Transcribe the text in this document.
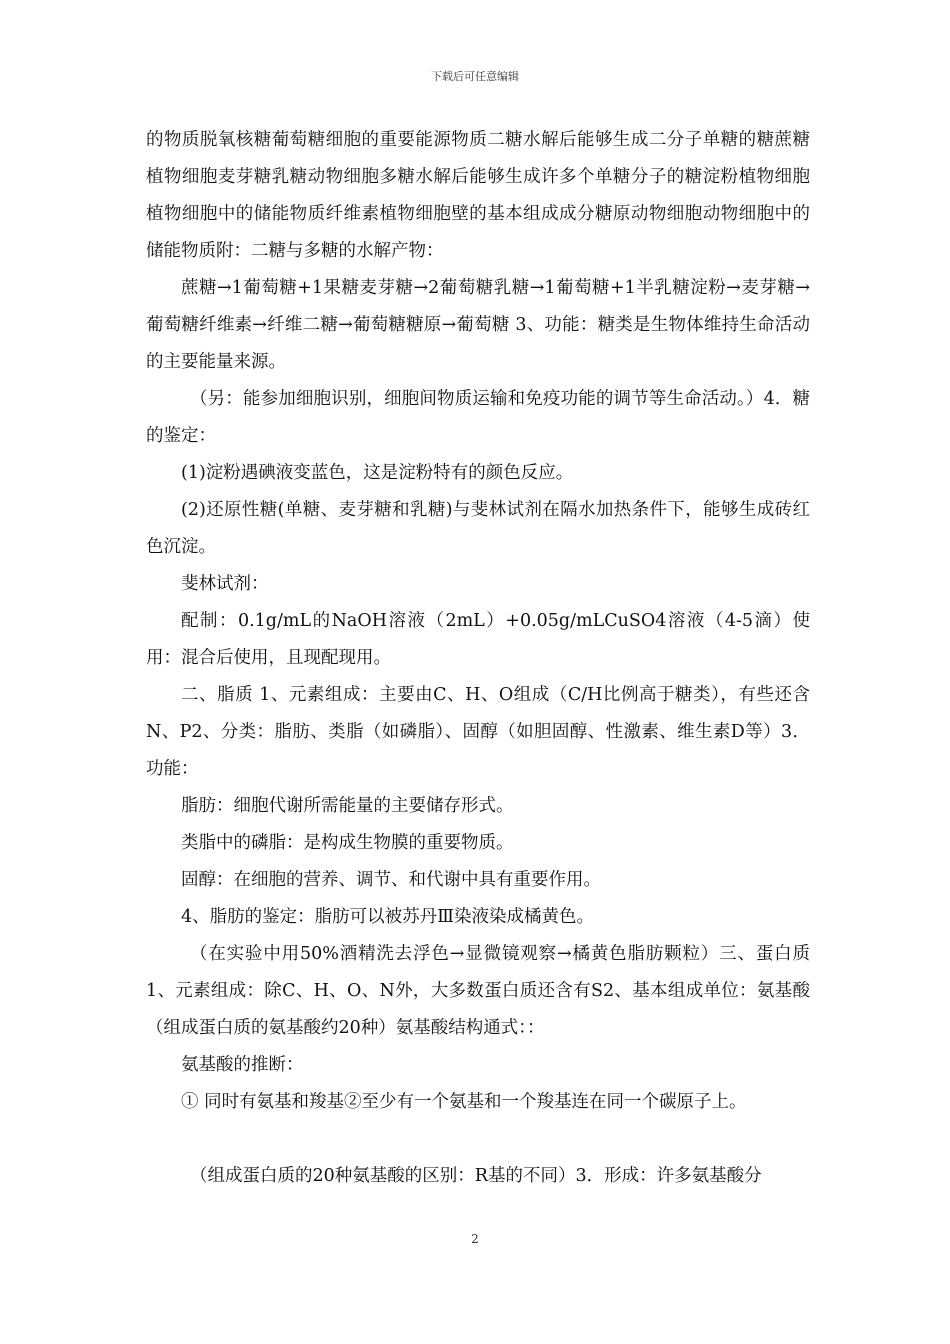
下载后可任意编辑

的物质脱氧核糖葡萄糖细胞的重要能源物质二糖水解后能够生成二分子单糖的糖蔗糖植物细胞麦芽糖乳糖动物细胞多糖水解后能够生成许多个单糖分子的糖淀粉植物细胞植物细胞中的储能物质纤维素植物细胞壁的基本组成成分糖原动物细胞动物细胞中的储能物质附：二糖与多糖的水解产物：

蔗糖→1葡萄糖+1果糖麦芽糖→2葡萄糖乳糖→1葡萄糖+1半乳糖淀粉→麦芽糖→葡萄糖纤维素→纤维二糖→葡萄糖糖原→葡萄糖 3、功能：糖类是生物体维持生命活动的主要能量来源。

（另：能参加细胞识别，细胞间物质运输和免疫功能的调节等生命活动。）4．糖的鉴定：

(1)淀粉遇碘液变蓝色，这是淀粉特有的颜色反应。

(2)还原性糖(单糖、麦芽糖和乳糖)与斐林试剂在隔水加热条件下，能够生成砖红色沉淀。

斐林试剂：

配制：0.1g/mL的NaOH溶液（2mL）+0.05g/mLCuSO4溶液（4-5滴）使用：混合后使用，且现配现用。

二、脂质 1、元素组成：主要由C、H、O组成（C/H比例高于糖类），有些还含N、P2、分类：脂肪、类脂（如磷脂）、固醇（如胆固醇、性激素、维生素D等）3．功能：

脂肪：细胞代谢所需能量的主要储存形式。

类脂中的磷脂：是构成生物膜的重要物质。

固醇：在细胞的营养、调节、和代谢中具有重要作用。

4、脂肪的鉴定：脂肪可以被苏丹Ⅲ染液染成橘黄色。

（在实验中用50%酒精洗去浮色→显微镜观察→橘黄色脂肪颗粒）三、蛋白质 1、元素组成：除C、H、O、N外，大多数蛋白质还含有S2、基本组成单位：氨基酸（组成蛋白质的氨基酸约20种）氨基酸结构通式：：

氨基酸的推断：

① 同时有氨基和羧基②至少有一个氨基和一个羧基连在同一个碳原子上。

（组成蛋白质的20种氨基酸的区别：R基的不同）3．形成：许多氨基酸分

2
